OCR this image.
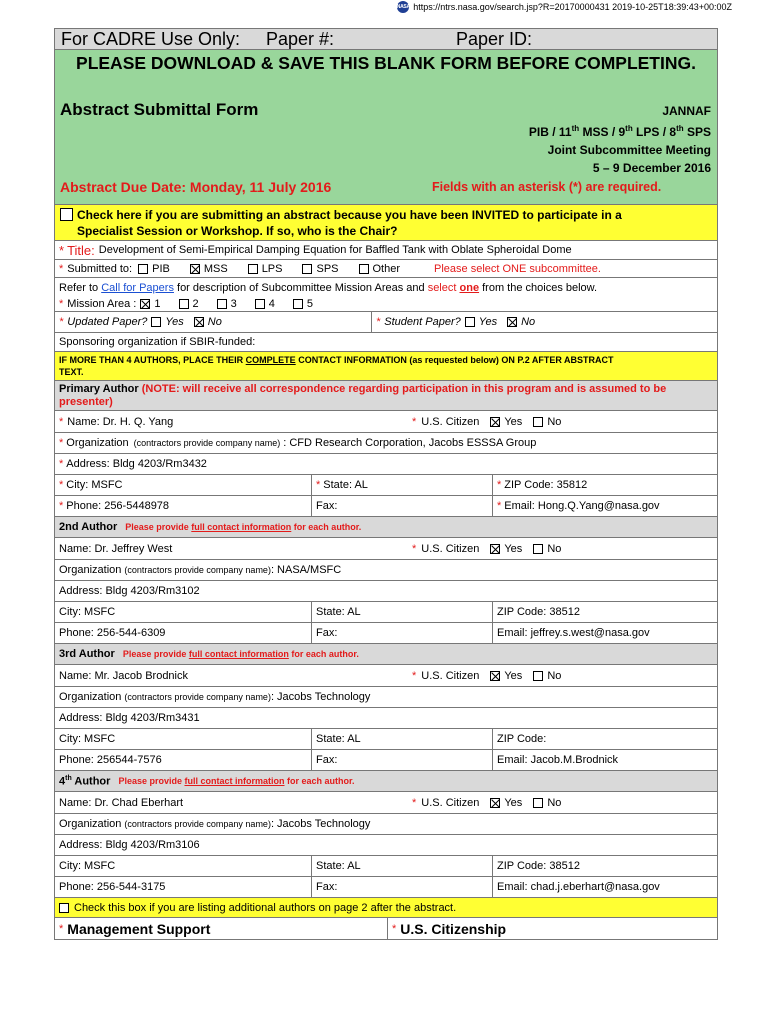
NASA https://ntrs.nasa.gov/search.jsp?R=20170000431 2019-10-25T18:39:43+00:00Z
For CADRE Use Only:	Paper #:	Paper ID:
PLEASE DOWNLOAD & SAVE THIS BLANK FORM BEFORE COMPLETING.
Abstract Submittal Form	JANNAF
PIB / 11th MSS / 9th LPS / 8th SPS
Joint Subcommittee Meeting
5 – 9 December 2016
Abstract Due Date: Monday, 11 July 2016	Fields with an asterisk (*) are required.
Check here if you are submitting an abstract because you have been INVITED to participate in a
Specialist Session or Workshop. If so, who is the Chair?
* Title: Development of Semi-Empirical Damping Equation for Baffled Tank with Oblate Spheroidal Dome
* Submitted to: PIB	MSS	LPS	SPS	Other	Please select ONE subcommittee.
Refer to Call for Papers for description of Subcommittee Mission Areas and select one from the choices below.
* Mission Area : 1	2	3	4	5
* Updated Paper? Yes No	* Student Paper? Yes No
Sponsoring organization if SBIR-funded:
IF MORE THAN 4 AUTHORS, PLACE THEIR COMPLETE CONTACT INFORMATION (as requested below) ON P.2 AFTER ABSTRACT
TEXT.
Primary Author (NOTE: will receive all correspondence regarding participation in this program and is assumed to be
presenter)
* Name: Dr. H. Q. Yang	* U.S. Citizen Yes No
* Organization (contractors provide company name) : CFD Research Corporation, Jacobs ESSSA Group
* Address: Bldg 4203/Rm3432
* City: MSFC	* State: AL	* ZIP Code: 35812
* Phone: 256-5448978	Fax:	* Email: Hong.Q.Yang@nasa.gov
2nd Author Please provide full contact information for each author.
Name: Dr. Jeffrey West	* U.S. Citizen Yes No
Organization (contractors provide company name) : NASA/MSFC
Address: Bldg 4203/Rm3102
City: MSFC	State: AL	ZIP Code: 38512
Phone: 256-544-6309	Fax:	Email: jeffrey.s.west@nasa.gov
3rd Author Please provide full contact information for each author.
Name: Mr. Jacob Brodnick	* U.S. Citizen Yes No
Organization (contractors provide company name) : Jacobs Technology
Address: Bldg 4203/Rm3431
City: MSFC	State: AL	ZIP Code:
Phone: 256544-7576	Fax:	Email: Jacob.M.Brodnick
4th Author Please provide full contact information for each author.
Name: Dr. Chad Eberhart	* U.S. Citizen Yes No
Organization (contractors provide company name) : Jacobs Technology
Address: Bldg 4203/Rm3106
City: MSFC	State: AL	ZIP Code: 38512
Phone: 256-544-3175	Fax:	Email: chad.j.eberhart@nasa.gov
Check this box if you are listing additional authors on page 2 after the abstract.
* Management Support	* U.S. Citizenship
